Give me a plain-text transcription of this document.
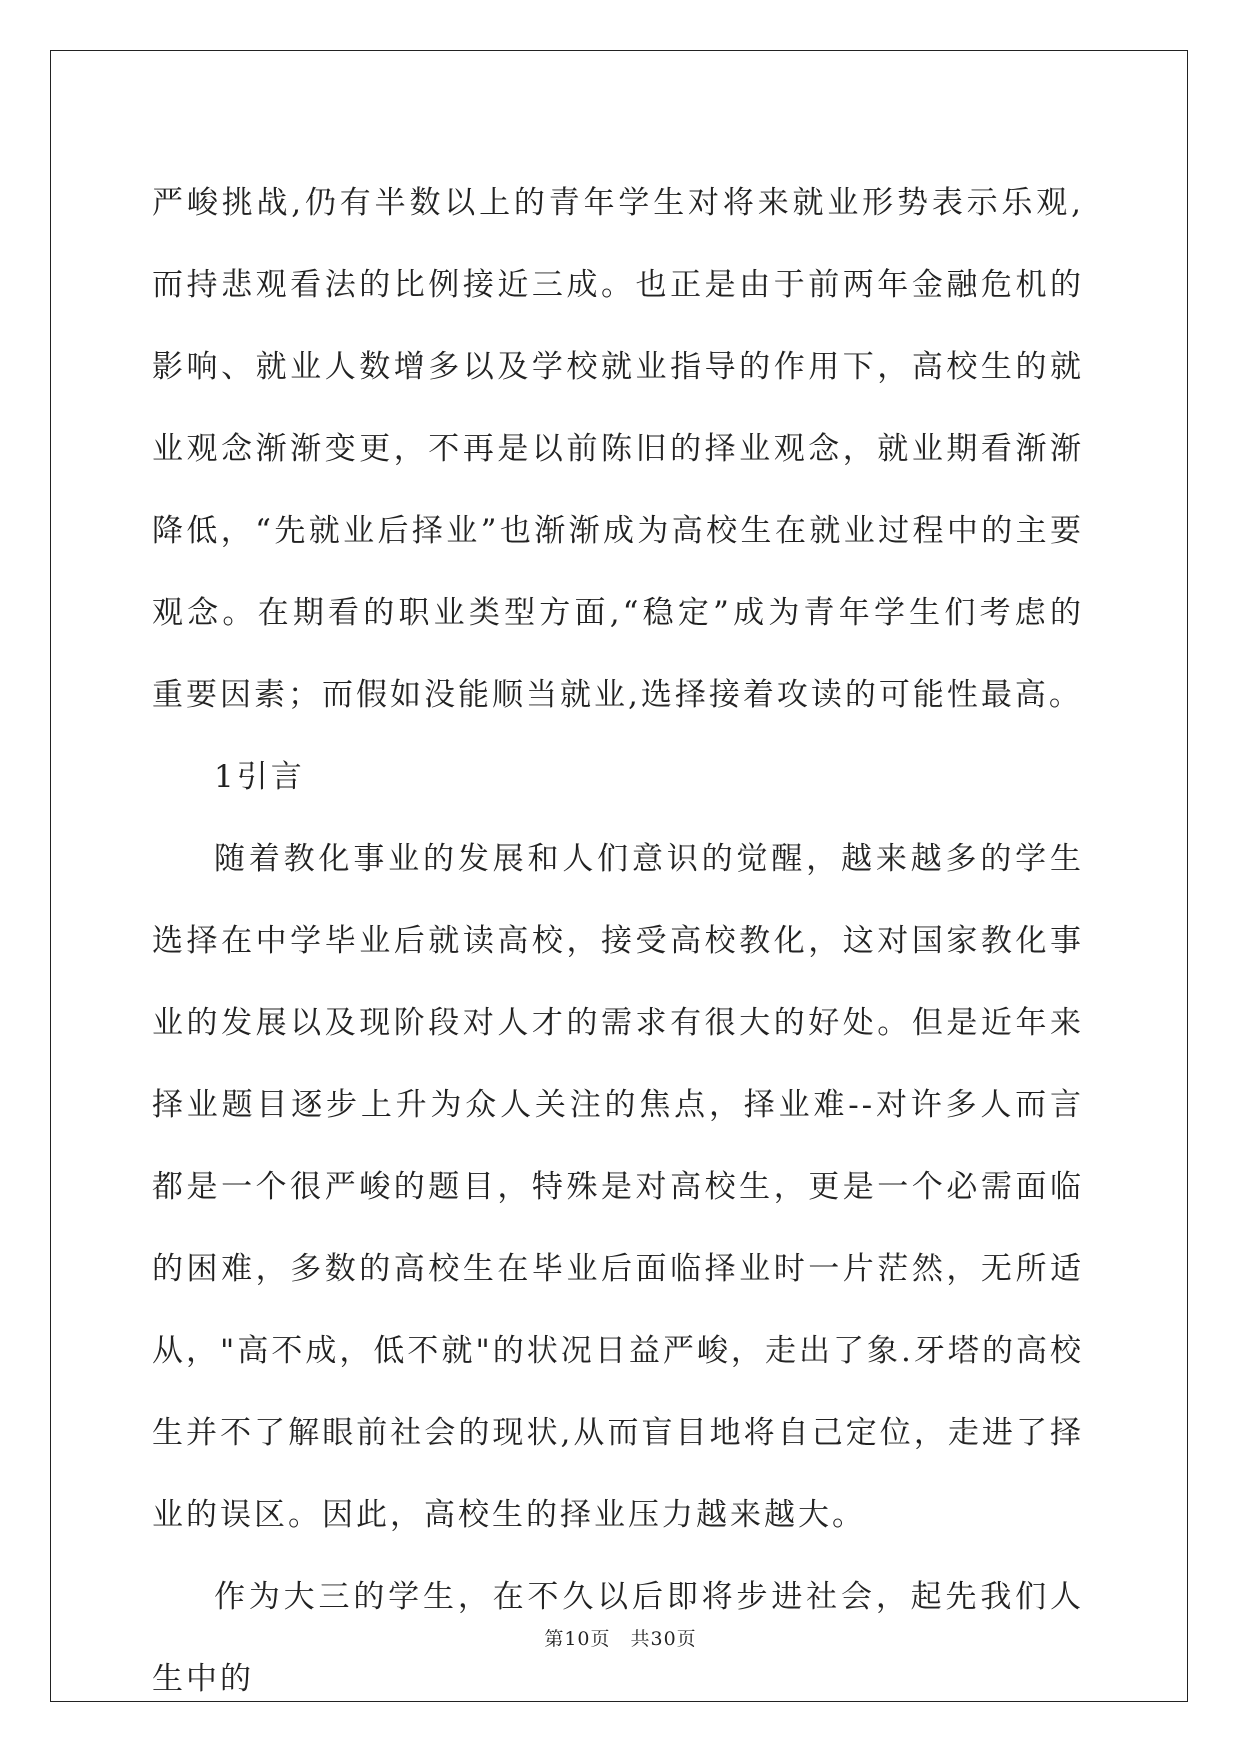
严峻挑战,仍有半数以上的青年学生对将来就业形势表示乐观,而持悲观看法的比例接近三成。也正是由于前两年金融危机的影响、就业人数增多以及学校就业指导的作用下，高校生的就业观念渐渐变更，不再是以前陈旧的择业观念，就业期看渐渐降低，“先就业后择业”也渐渐成为高校生在就业过程中的主要观念。在期看的职业类型方面,“稳定”成为青年学生们考虑的重要因素；而假如没能顺当就业,选择接着攻读的可能性最高。

1引言

随着教化事业的发展和人们意识的觉醒，越来越多的学生选择在中学毕业后就读高校，接受高校教化，这对国家教化事业的发展以及现阶段对人才的需求有很大的好处。但是近年来择业题目逐步上升为众人关注的焦点，择业难--对许多人而言都是一个很严峻的题目，特殊是对高校生，更是一个必需面临的困难，多数的高校生在毕业后面临择业时一片茫然，无所适从，"高不成，低不就"的状况日益严峻，走出了象.牙塔的高校生并不了解眼前社会的现状,从而盲目地将自己定位，走进了择业的误区。因此，高校生的择业压力越来越大。

作为大三的学生，在不久以后即将步进社会，起先我们人生中的

第10页　共30页
